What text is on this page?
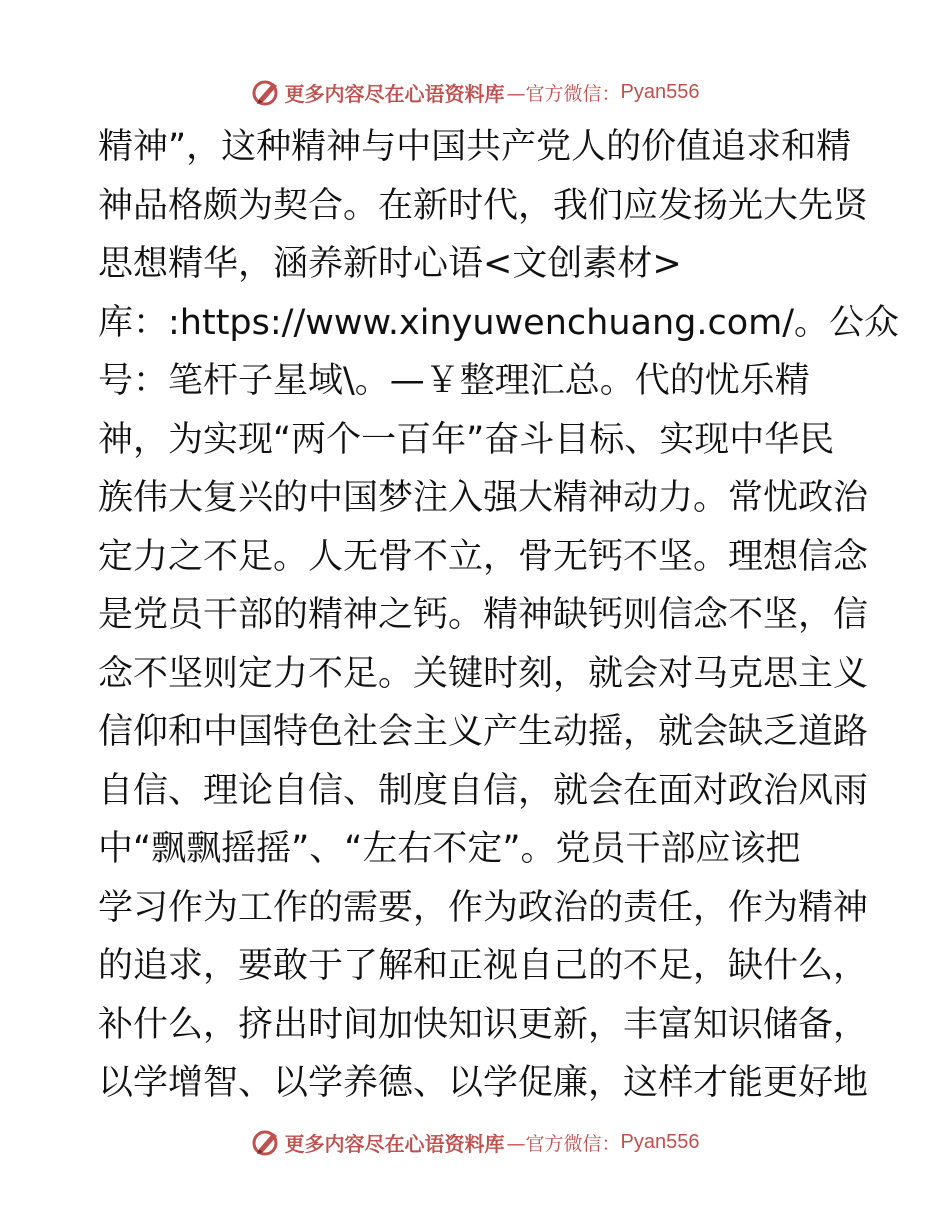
更多内容尽在心语资料库 —官方微信： Pyan556
精神”，这种精神与中国共产党人的价值追求和精
神品格颇为契合。在新时代，我们应发扬光大先贤
思想精华，涵养新时心语<文创素材>
库：:https://www.xinyuwenchuang.com/。公众
号：笔杆子星域\。—￥整理汇总。代的忧乐精
神，为实现“两个一百年”奋斗目标、实现中华民
族伟大复兴的中国梦注入强大精神动力。常忧政治
定力之不足。人无骨不立，骨无钙不坚。理想信念
是党员干部的精神之钙。精神缺钙则信念不坚，信
念不坚则定力不足。关键时刻，就会对马克思主义
信仰和中国特色社会主义产生动摇，就会缺乏道路
自信、理论自信、制度自信，就会在面对政治风雨
中“飘飘摇摇”、“左右不定”。党员干部应该把
学习作为工作的需要，作为政治的责任，作为精神
的追求，要敢于了解和正视自己的不足，缺什么，
补什么，挤出时间加快知识更新，丰富知识储备，
以学增智、以学养德、以学促廉，这样才能更好地
更多内容尽在心语资料库 —官方微信： Pyan556
